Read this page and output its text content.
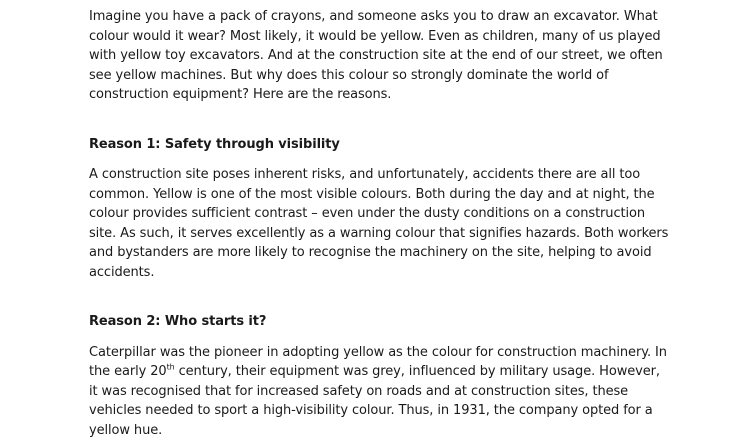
Imagine you have a pack of crayons, and someone asks you to draw an excavator. What colour would it wear? Most likely, it would be yellow. Even as children, many of us played with yellow toy excavators. And at the construction site at the end of our street, we often see yellow machines. But why does this colour so strongly dominate the world of construction equipment? Here are the reasons.

Reason 1: Safety through visibility

A construction site poses inherent risks, and unfortunately, accidents there are all too common. Yellow is one of the most visible colours. Both during the day and at night, the colour provides sufficient contrast – even under the dusty conditions on a construction site. As such, it serves excellently as a warning colour that signifies hazards. Both workers and bystanders are more likely to recognise the machinery on the site, helping to avoid accidents.

Reason 2: Who starts it?

Caterpillar was the pioneer in adopting yellow as the colour for construction machinery. In the early 20th century, their equipment was grey, influenced by military usage. However, it was recognised that for increased safety on roads and at construction sites, these vehicles needed to sport a high-visibility colour. Thus, in 1931, the company opted for a yellow hue.
